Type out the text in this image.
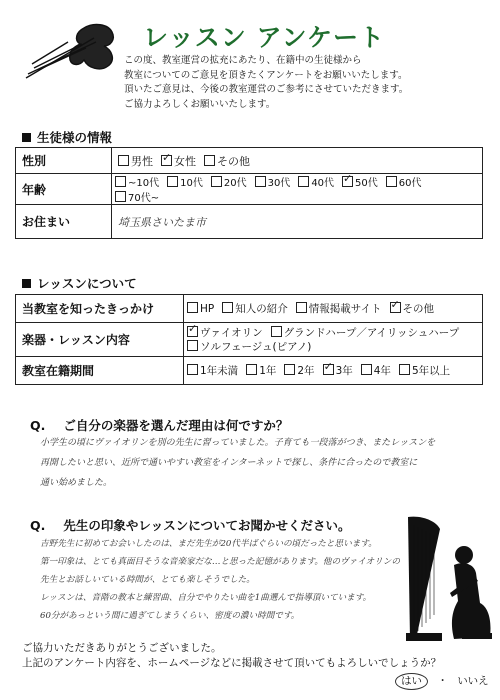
レッスン アンケート
この度、教室運営の拡充にあたり、在籍中の生徒様から
教室についてのご意見を頂きたくアンケートをお願いいたします。
頂いたご意見は、今後の教室運営のご参考にさせていただきます。
ご協力よろしくお願いいたします。
生徒様の情報
性別	男性 ✓ 女性 その他
年齢	~10代 10代 20代 30代 40代 ✓ 50代 60代70代~
お住まい	埼玉県さいたま市
レッスンについて
当教室を知ったきっかけ	HP 知人の紹介 情報掲載サイト ✓ その他
楽器・レッスン内容	✓ヴァイオリン グランドハープ／アイリッシュハープ
ソルフェージュ(ピアノ)
教室在籍期間	1年未満 1年 2年 ✓ 3年 4年 5年以上
Q. ご自分の楽器を選んだ理由は何ですか？
小学生の頃にヴァイオリンを別の先生に習っていました。子育ても一段落がつき、またレッスンを
再開したいと思い、近所で通いやすい教室をインターネットで探し、条件に合ったので教室に
通い始めました。
Q. 先生の印象やレッスンについてお聞かせください。
吉野先生に初めてお会いしたのは、まだ先生が20代半ばぐらいの頃だったと思います。
第一印象は、とても真面目そうな音楽家だな…と思った記憶があります。他のヴァイオリンの
先生とお話しいている時間が、とても楽しそうでした。
レッスンは、音階の教本と練習曲、自分でやりたい曲を1曲選んで指導頂いています。
60分があっという間に過ぎてしまうくらい、密度の濃い時間です。
ご協力いただきありがとうございました。
上記のアンケート内容を、ホームページなどに掲載させて頂いてもよろしいでしょうか？
はい ・ いいえ
